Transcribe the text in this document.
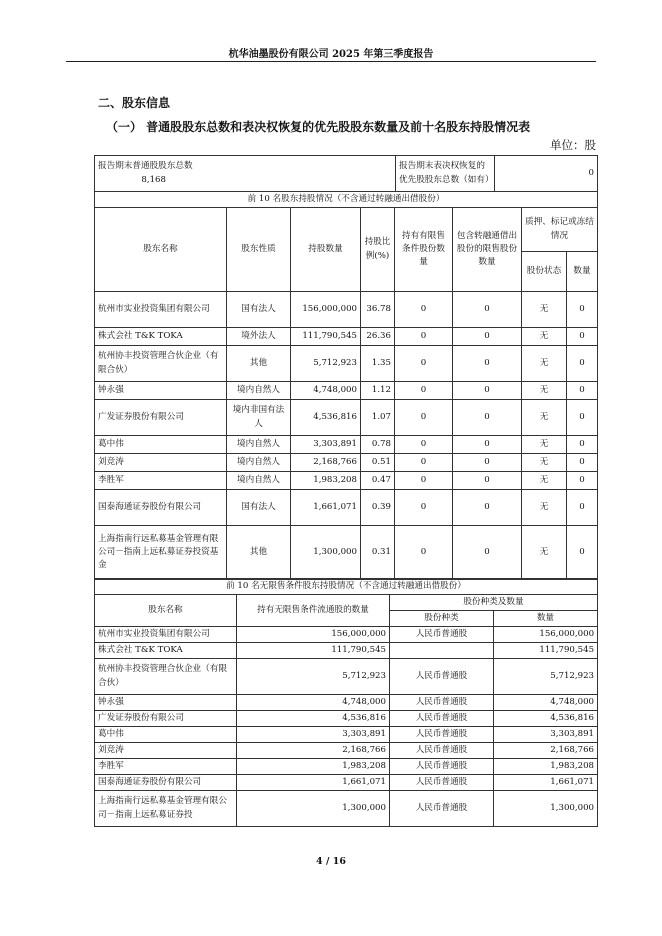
杭华油墨股份有限公司 2025 年第三季度报告
二、股东信息
（一） 普通股股东总数和表决权恢复的优先股股东数量及前十名股东持股情况表
单位：股
报告期末普通股股东总数8,168	报告期末表决权恢复的优先股股东总数（如有）	0
前 10 名股东持股情况（不含通过转融通出借股份）							
股东名称	股东性质	持股数量	持股比例(%)	持有有限售条件股份数量	包含转融通借出股份的限售股份数量	质押、标记或冻结情况	
						股份状态	数量
杭州市实业投资集团有限公司	国有法人	156,000,000	36.78	0	0	无	0
株式会社 T&K TOKA	境外法人	111,790,545	26.36	0	0	无	0
杭州协丰投资管理合伙企业（有限合伙）	其他	5,712,923	1.35	0	0	无	0
钟永强	境内自然人	4,748,000	1.12	0	0	无	0
广发证券股份有限公司	境内非国有法人	4,536,816	1.07	0	0	无	0
葛中伟	境内自然人	3,303,891	0.78	0	0	无	0
刘竞涛	境内自然人	2,168,766	0.51	0	0	无	0
李胜军	境内自然人	1,983,208	0.47	0	0	无	0
国泰海通证券股份有限公司	国有法人	1,661,071	0.39	0	0	无	0
上海指南行远私募基金管理有限公司－指南上远私募证券投资基金	其他	1,300,000	0.31	0	0	无	0
前 10 名无限售条件股东持股情况（不含通过转融通出借股份）			
股东名称	持有无限售条件流通股的数量	股份种类及数量	
		股份种类	数量
杭州市实业投资集团有限公司	156,000,000	人民币普通股	156,000,000
株式会社 T&K TOKA	111,790,545		111,790,545
杭州协丰投资管理合伙企业（有限合伙）	5,712,923	人民币普通股	5,712,923
钟永强	4,748,000	人民币普通股	4,748,000
广发证券股份有限公司	4,536,816	人民币普通股	4,536,816
葛中伟	3,303,891	人民币普通股	3,303,891
刘竞涛	2,168,766	人民币普通股	2,168,766
李胜军	1,983,208	人民币普通股	1,983,208
国泰海通证券股份有限公司	1,661,071	人民币普通股	1,661,071
上海指南行远私募基金管理有限公司－指南上远私募证券投	1,300,000	人民币普通股	1,300,000
4 / 16
